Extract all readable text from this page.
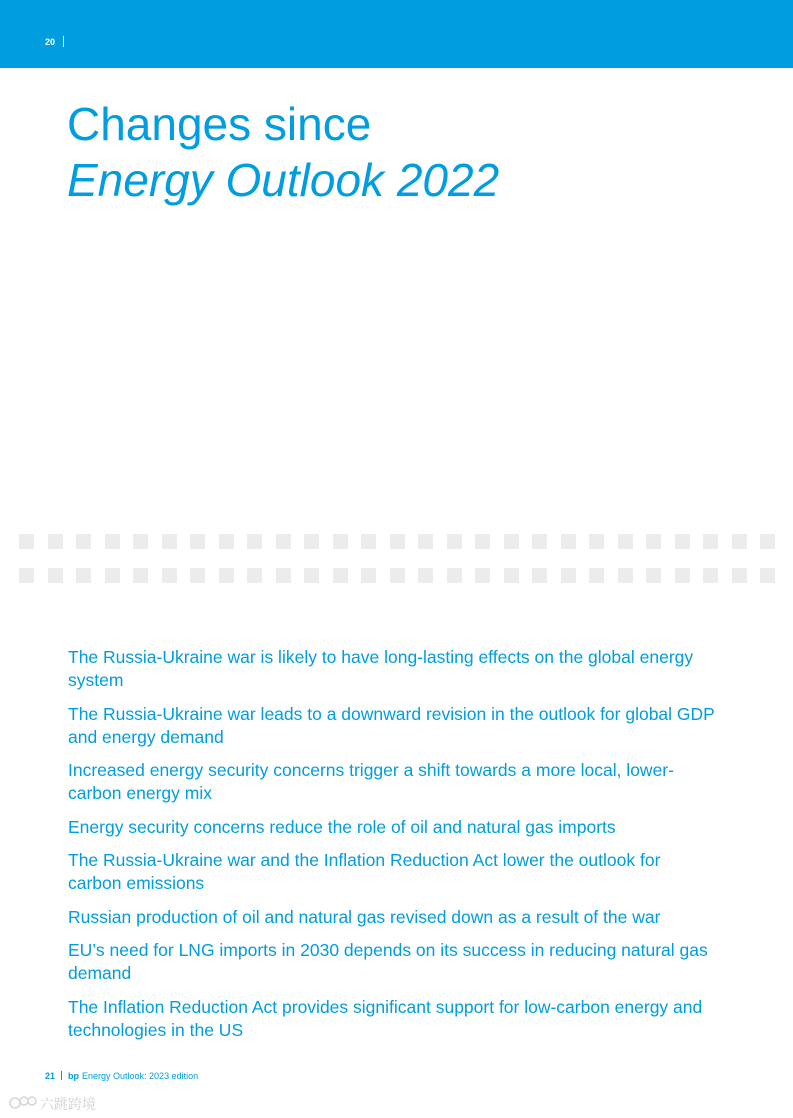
20
Changes since
Energy Outlook 2022
The Russia-Ukraine war is likely to have long-lasting effects on the global energy system
The Russia-Ukraine war leads to a downward revision in the outlook for global GDP and energy demand
Increased energy security concerns trigger a shift towards a more local, lower-carbon energy mix
Energy security concerns reduce the role of oil and natural gas imports
The Russia-Ukraine war and the Inflation Reduction Act lower the outlook for carbon emissions
Russian production of oil and natural gas revised down as a result of the war
EU’s need for LNG imports in 2030 depends on its success in reducing natural gas demand
The Inflation Reduction Act provides significant support for low-carbon energy and technologies in the US
21 bp Energy Outlook: 2023 edition
六跳跨境
